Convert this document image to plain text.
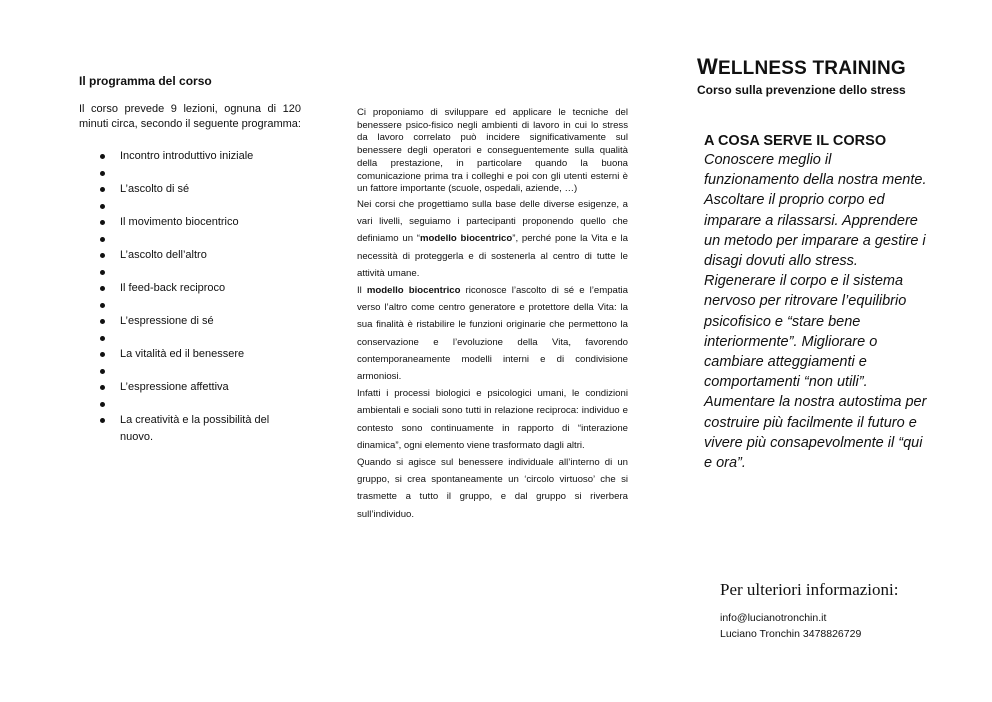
Il programma del corso

Il corso prevede 9 lezioni, ognuna di 120 minuti circa, secondo il seguente programma:

Incontro introduttivo iniziale
L’ascolto di sé
Il movimento biocentrico
L’ascolto dell’altro
Il feed-back reciproco
L’espressione di sé
La vitalità ed il benessere
L’espressione affettiva
La creatività e la possibilità del nuovo.

Ci proponiamo di sviluppare ed applicare le tecniche del benessere psico-fisico negli ambienti di lavoro in cui lo stress da lavoro correlato può incidere significativamente sul benessere degli operatori e conseguentemente sulla qualità della prestazione, in particolare quando la buona comunicazione prima tra i colleghi e poi con gli utenti esterni è un fattore importante (scuole, ospedali, aziende, …)

Nei corsi che progettiamo sulla base delle diverse esigenze, a vari livelli, seguiamo i partecipanti proponendo quello che definiamo un “modello biocentrico”, perché pone la Vita e la necessità di proteggerla e di sostenerla al centro di tutte le attività umane.

Il modello biocentrico riconosce l’ascolto di sé e l’empatia verso l’altro come centro generatore e protettore della Vita: la sua finalità è ristabilire le funzioni originarie che permettono la conservazione e l’evoluzione della Vita, favorendo contemporaneamente modelli interni e di condivisione armoniosi.

Infatti i processi biologici e psicologici umani, le condizioni ambientali e sociali sono tutti in relazione reciproca: individuo e contesto sono continuamente in rapporto di “interazione dinamica”, ogni elemento viene trasformato dagli altri.

Quando si agisce sul benessere individuale all’interno di un gruppo, si crea spontaneamente un ‘circolo virtuoso’ che si trasmette a tutto il gruppo, e dal gruppo si riverbera sull’individuo.

WELLNESS TRAINING

Corso sulla prevenzione dello stress

A COSA SERVE IL CORSO

Conoscere meglio il funzionamento della nostra mente. Ascoltare il proprio corpo ed imparare a rilassarsi. Apprendere un metodo per imparare a gestire i disagi dovuti allo stress. Rigenerare il corpo e il sistema nervoso per ritrovare l’equilibrio psicofisico e “stare bene interiormente”. Migliorare o cambiare atteggiamenti e comportamenti “non utili”. Aumentare la nostra autostima per costruire più facilmente il futuro e vivere più consapevolmente il “qui e ora”.

Per ulteriori informazioni:

info@lucianotronchin.it
Luciano Tronchin 3478826729
